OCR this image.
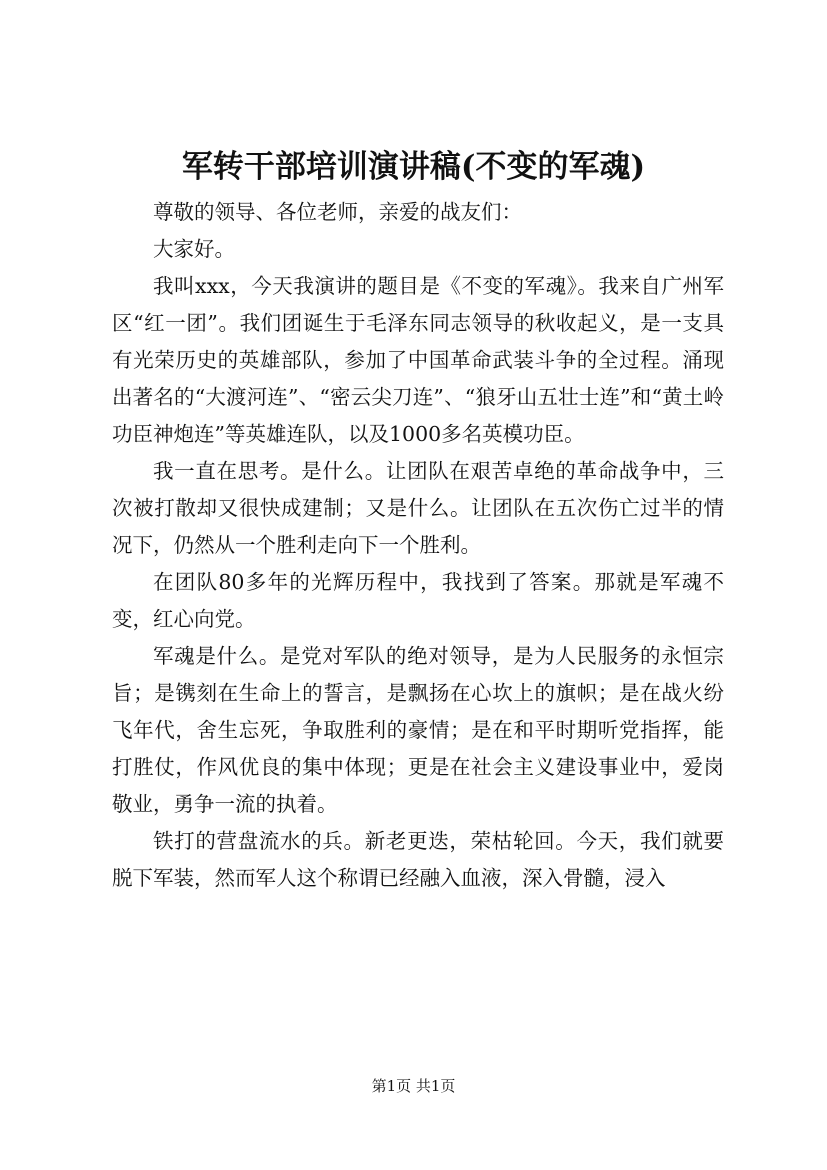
军转干部培训演讲稿(不变的军魂)

尊敬的领导、各位老师，亲爱的战友们：

大家好。

我叫xxx，今天我演讲的题目是《不变的军魂》。我来自广州军区“红一团”。我们团诞生于毛泽东同志领导的秋收起义，是一支具有光荣历史的英雄部队，参加了中国革命武装斗争的全过程。涌现出著名的“大渡河连”、“密云尖刀连”、“狼牙山五壮士连”和“黄土岭功臣神炮连”等英雄连队，以及1000多名英模功臣。

我一直在思考。是什么。让团队在艰苦卓绝的革命战争中，三次被打散却又很快成建制；又是什么。让团队在五次伤亡过半的情况下，仍然从一个胜利走向下一个胜利。

在团队80多年的光辉历程中，我找到了答案。那就是军魂不变，红心向党。

军魂是什么。是党对军队的绝对领导，是为人民服务的永恒宗旨；是镌刻在生命上的誓言，是飘扬在心坎上的旗帜；是在战火纷飞年代，舍生忘死，争取胜利的豪情；是在和平时期听党指挥，能打胜仗，作风优良的集中体现；更是在社会主义建设事业中，爱岗敬业，勇争一流的执着。

铁打的营盘流水的兵。新老更迭，荣枯轮回。今天，我们就要脱下军装，然而军人这个称谓已经融入血液，深入骨髓，浸入

第1页 共1页
